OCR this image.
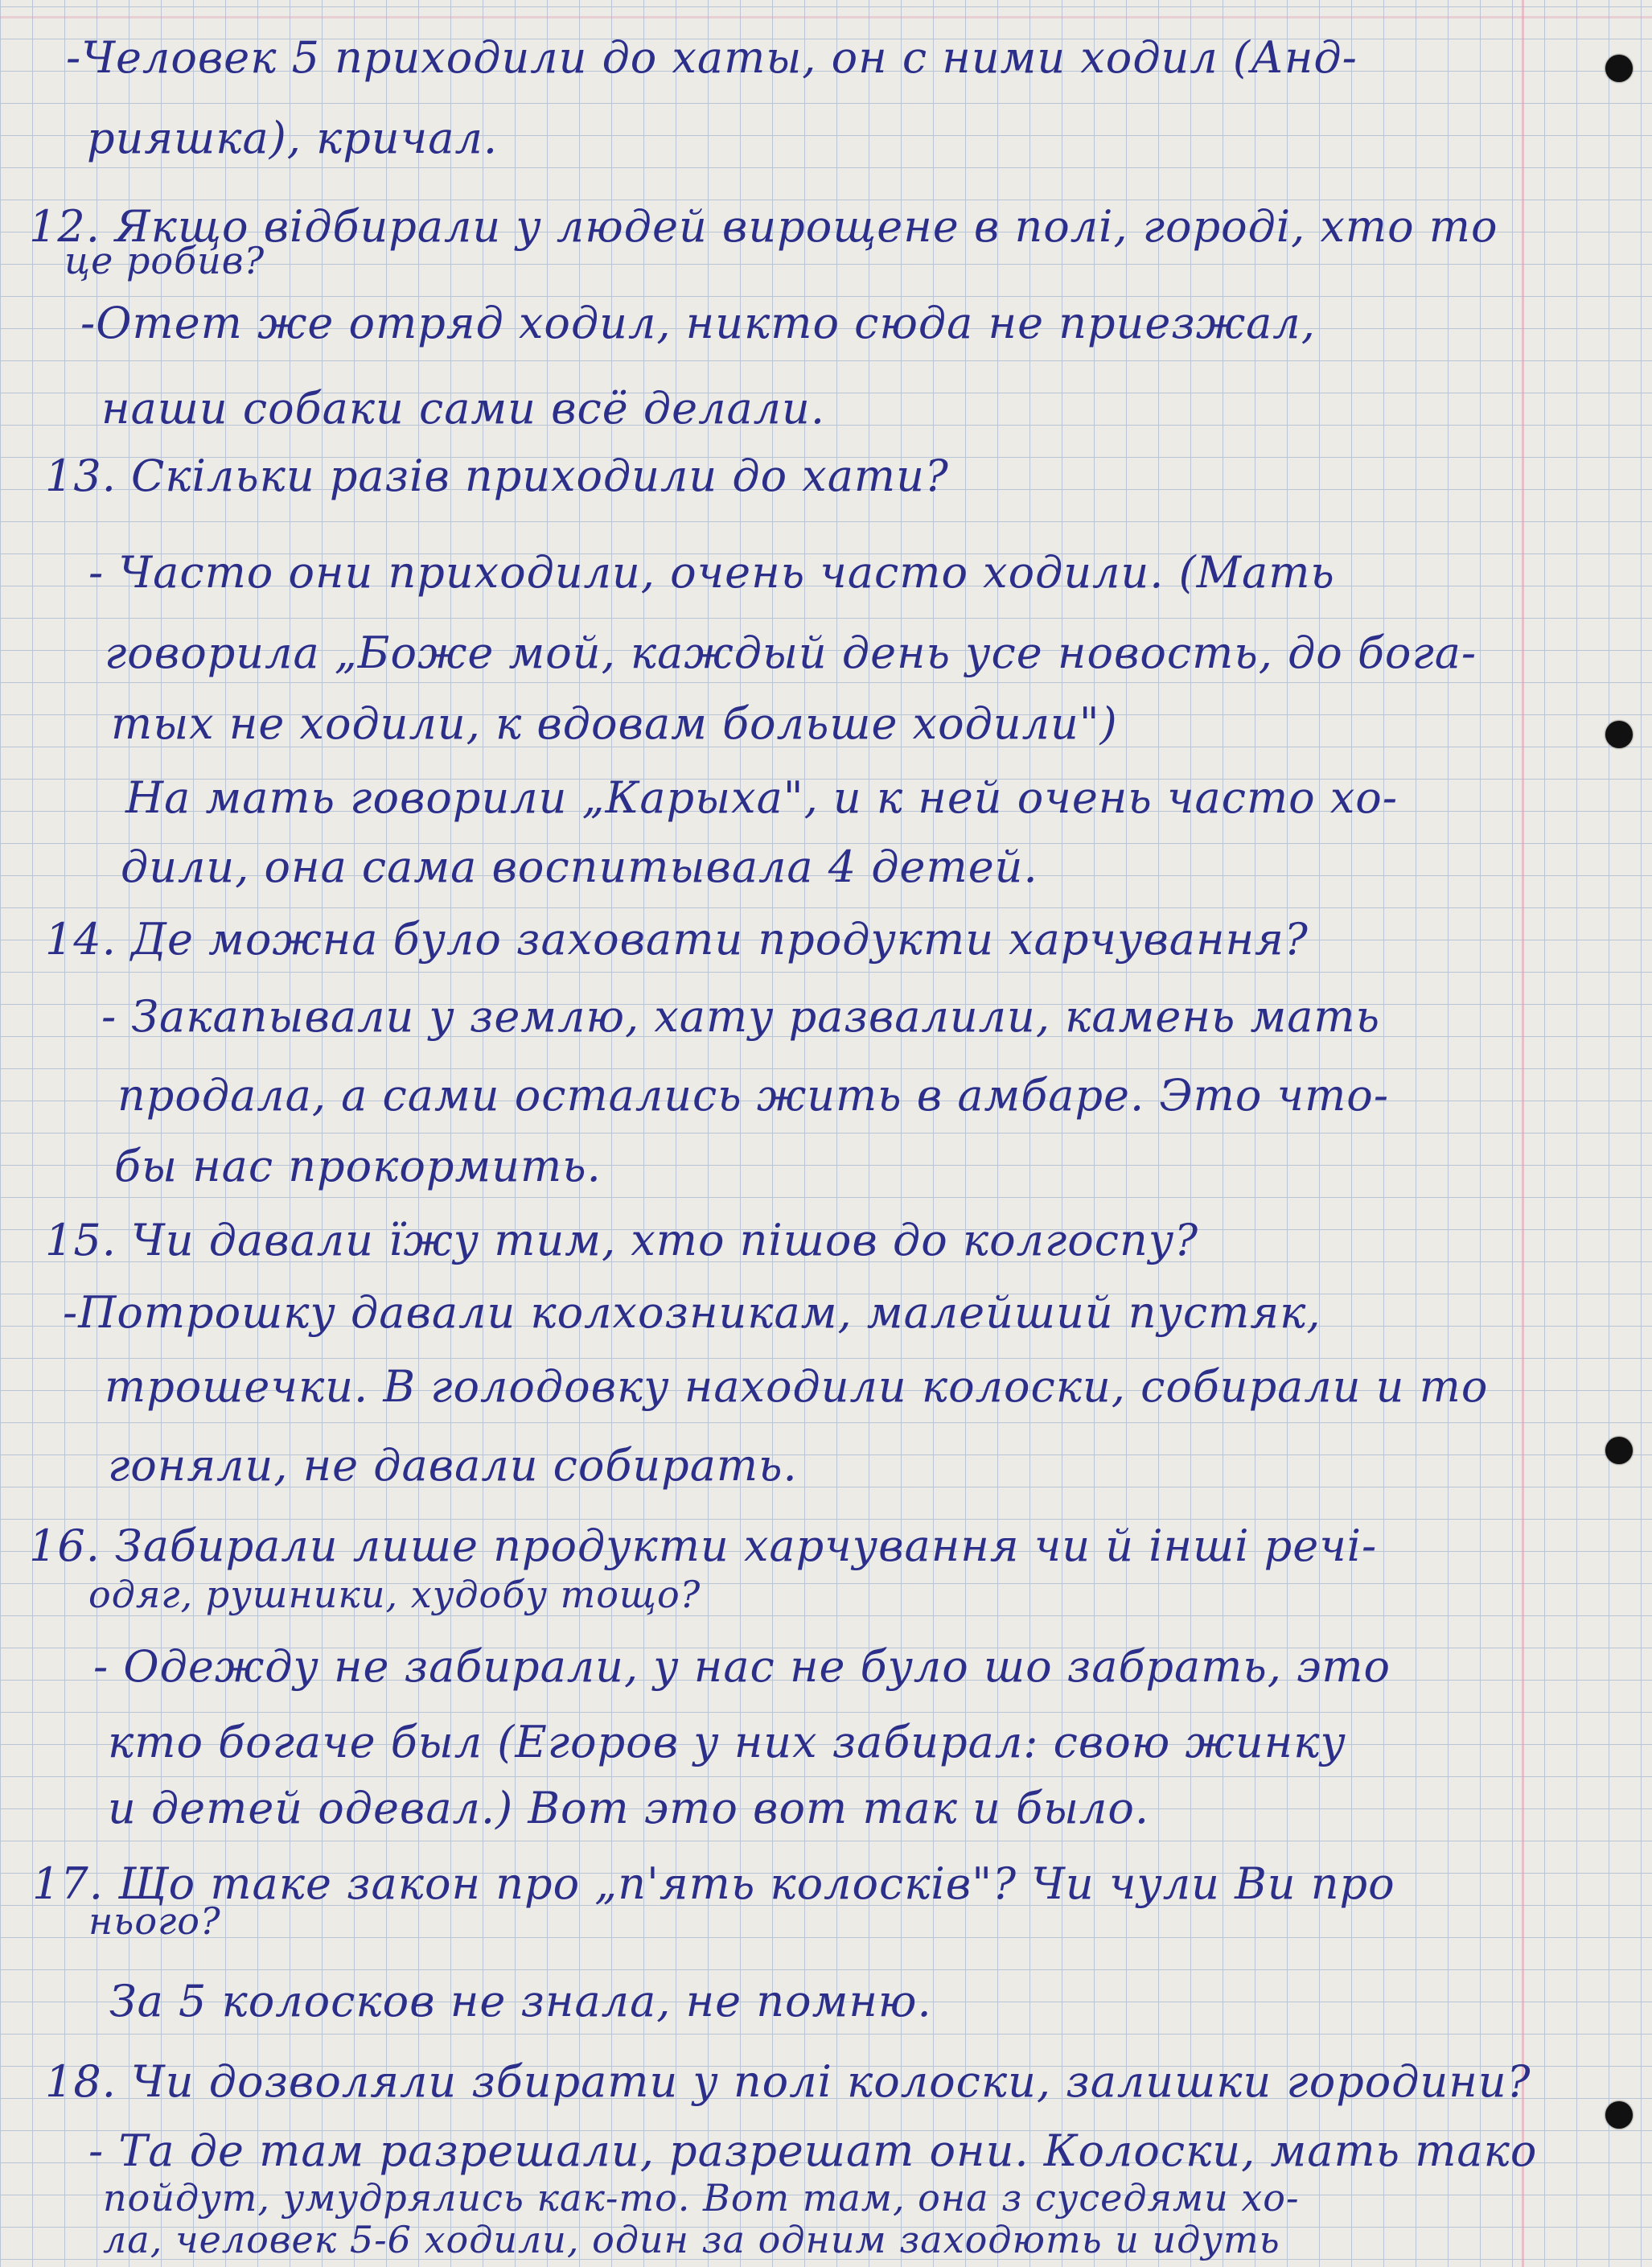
-Человек 5 приходили до хаты, он с ними ходил (Анд-
рияшка), кричал.
12. Якщо відбирали у людей вирощене в полі, городі, хто то
це робив?
-Отет же отряд ходил, никто сюда не приезжал,
наши собаки сами всё делали.
13. Скільки разів приходили до хати?
- Часто они приходили, очень часто ходили. (Мать
говорила „Боже мой, каждый день усе новость, до бога-
тых не ходили, к вдовам больше ходили")
На мать говорили „Карыха", и к ней очень часто хо-
дили, она сама воспитывала 4 детей.
14. Де можна було заховати продукти харчування?
- Закапывали у землю, хату развалили, камень мать
продала, а сами остались жить в амбаре. Это что-
бы нас прокормить.
15. Чи давали їжу тим, хто пішов до колгоспу?
-Потрошку давали колхозникам, малейший пустяк,
трошечки. В голодовку находили колоски, собирали и то
гоняли, не давали собирать.
16. Забирали лише продукти харчування чи й інші речі-
одяг, рушники, худобу тощо?
- Одежду не забирали, у нас не було шо забрать, это
кто богаче был (Егоров у них забирал: свою жинку
и детей одевал.) Вот это вот так и было.
17. Що таке закон про „п'ять колосків"? Чи чули Ви про
нього?
За 5 колосков не знала, не помню.
18. Чи дозволяли збирати у полі колоски, залишки городини?
- Та де там разрешали, разрешат они. Колоски, мать тако
пойдут, умудрялись как-то. Вот там, она з суседями хо-
ла, человек 5-6 ходили, один за одним заходють и идуть
